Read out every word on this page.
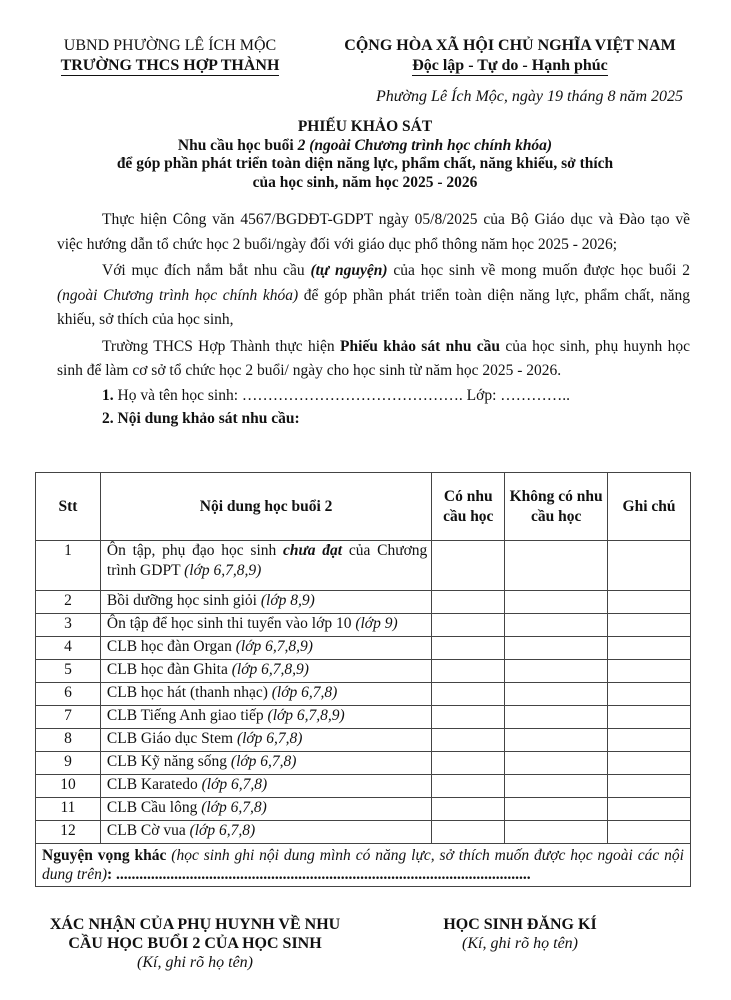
UBND PHƯỜNG LÊ ÍCH MỘC
TRƯỜNG THCS HỢP THÀNH
CỘNG HÒA XÃ HỘI CHỦ NGHĨA VIỆT NAM
Độc lập - Tự do - Hạnh phúc
Phường Lê Ích Mộc, ngày 19 tháng 8 năm 2025
PHIẾU KHẢO SÁT
Nhu cầu học buổi 2 (ngoài Chương trình học chính khóa)
để góp phần phát triển toàn diện năng lực, phẩm chất, năng khiếu, sở thích
của học sinh, năm học 2025 - 2026

Thực hiện Công văn 4567/BGDĐT-GDPT ngày 05/8/2025 của Bộ Giáo dục và Đào tạo về việc hướng dẫn tổ chức học 2 buổi/ngày đối với giáo dục phổ thông năm học 2025 - 2026;

Với mục đích nắm bắt nhu cầu (tự nguyện) của học sinh về mong muốn được học buổi 2 (ngoài Chương trình học chính khóa) để góp phần phát triển toàn diện năng lực, phẩm chất, năng khiếu, sở thích của học sinh,

Trường THCS Hợp Thành thực hiện Phiếu khảo sát nhu cầu của học sinh, phụ huynh học sinh để làm cơ sở tổ chức học 2 buổi/ ngày cho học sinh từ năm học 2025 - 2026.

1. Họ và tên học sinh: ……………………………………. Lớp: …………..

2. Nội dung khảo sát nhu cầu:

Stt	Nội dung học buổi 2	Có nhu cầu học	Không có nhu cầu học	Ghi chú
1	Ôn tập, phụ đạo học sinh chưa đạt của Chương trình GDPT (lớp 6,7,8,9)			
2	Bồi dưỡng học sinh giỏi (lớp 8,9)			
3	Ôn tập để học sinh thi tuyển vào lớp 10 (lớp 9)			
4	CLB học đàn Organ (lớp 6,7,8,9)			
5	CLB học đàn Ghita (lớp 6,7,8,9)			
6	CLB học hát (thanh nhạc) (lớp 6,7,8)			
7	CLB Tiếng Anh giao tiếp (lớp 6,7,8,9)			
8	CLB Giáo dục Stem (lớp 6,7,8)			
9	CLB Kỹ năng sống (lớp 6,7,8)			
10	CLB Karatedo (lớp 6,7,8)			
11	CLB Cầu lông (lớp 6,7,8)			
12	CLB Cờ vua (lớp 6,7,8)			
Nguyện vọng khác (học sinh ghi nội dung mình có năng lực, sở thích muốn được học ngoài các nội dung trên): ...........................................................................................................				
XÁC NHẬN CỦA PHỤ HUYNH VỀ NHU
CẦU HỌC BUỔI 2 CỦA HỌC SINH
(Kí, ghi rõ họ tên)
HỌC SINH ĐĂNG KÍ
(Kí, ghi rõ họ tên)
